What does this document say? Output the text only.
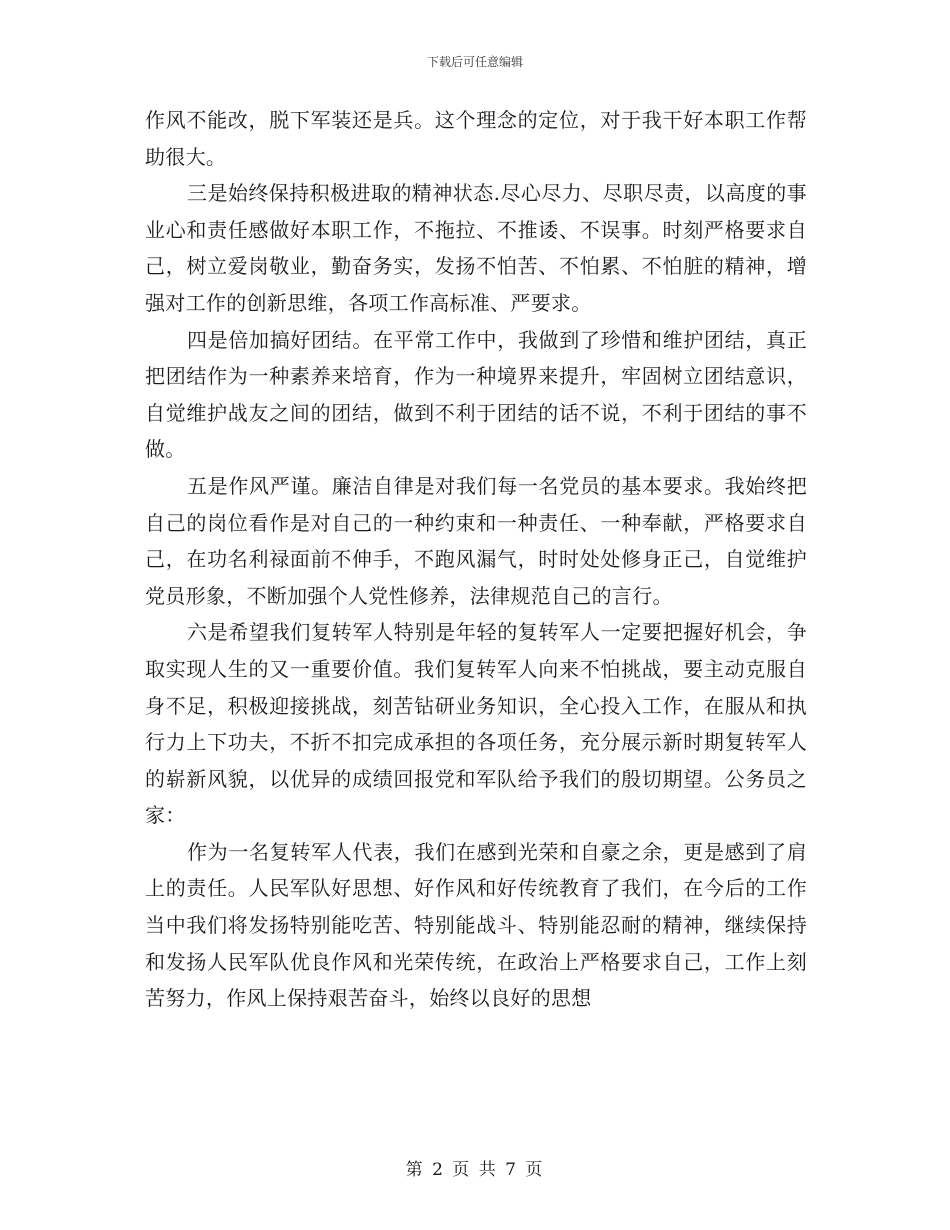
下载后可任意编辑

作风不能改，脱下军装还是兵。这个理念的定位，对于我干好本职工作帮助很大。

三是始终保持积极进取的精神状态.尽心尽力、尽职尽责，以高度的事业心和责任感做好本职工作，不拖拉、不推诿、不误事。时刻严格要求自己，树立爱岗敬业，勤奋务实，发扬不怕苦、不怕累、不怕脏的精神，增强对工作的创新思维，各项工作高标准、严要求。

四是倍加搞好团结。在平常工作中，我做到了珍惜和维护团结，真正把团结作为一种素养来培育，作为一种境界来提升，牢固树立团结意识，自觉维护战友之间的团结，做到不利于团结的话不说，不利于团结的事不做。

五是作风严谨。廉洁自律是对我们每一名党员的基本要求。我始终把自己的岗位看作是对自己的一种约束和一种责任、一种奉献，严格要求自己，在功名利禄面前不伸手，不跑风漏气，时时处处修身正己，自觉维护党员形象，不断加强个人党性修养，法律规范自己的言行。

六是希望我们复转军人特别是年轻的复转军人一定要把握好机会，争取实现人生的又一重要价值。我们复转军人向来不怕挑战，要主动克服自身不足，积极迎接挑战，刻苦钻研业务知识，全心投入工作，在服从和执行力上下功夫，不折不扣完成承担的各项任务，充分展示新时期复转军人的崭新风貌，以优异的成绩回报党和军队给予我们的殷切期望。公务员之家：

作为一名复转军人代表，我们在感到光荣和自豪之余，更是感到了肩上的责任。人民军队好思想、好作风和好传统教育了我们，在今后的工作当中我们将发扬特别能吃苦、特别能战斗、特别能忍耐的精神，继续保持和发扬人民军队优良作风和光荣传统，在政治上严格要求自己，工作上刻苦努力，作风上保持艰苦奋斗，始终以良好的思想

第 2 页 共 7 页
